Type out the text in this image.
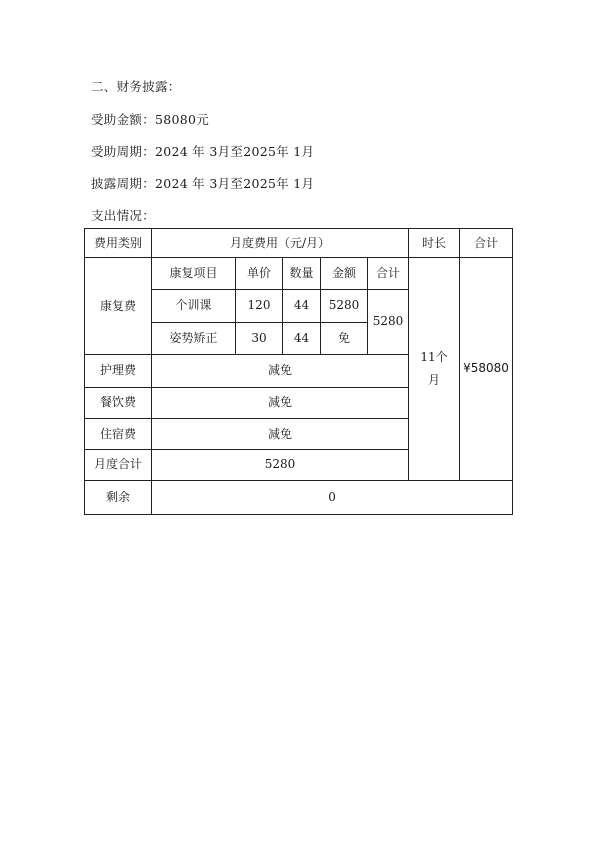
二、财务披露：
受助金额：58080元
受助周期：2024 年 3月至2025年 1月
披露周期：2024 年 3月至2025年 1月
支出情况：
费用类别	月度费用（元/月）					时长	合计
康复费	康复项目	单价	数量	金额	合计	11个月	¥58080
	个训课	120	44	5280	5280		
	姿势矫正	30	44	免			
护理费	减免						
餐饮费	减免						
住宿费	减免						
月度合计	5280						
剩余	0						
